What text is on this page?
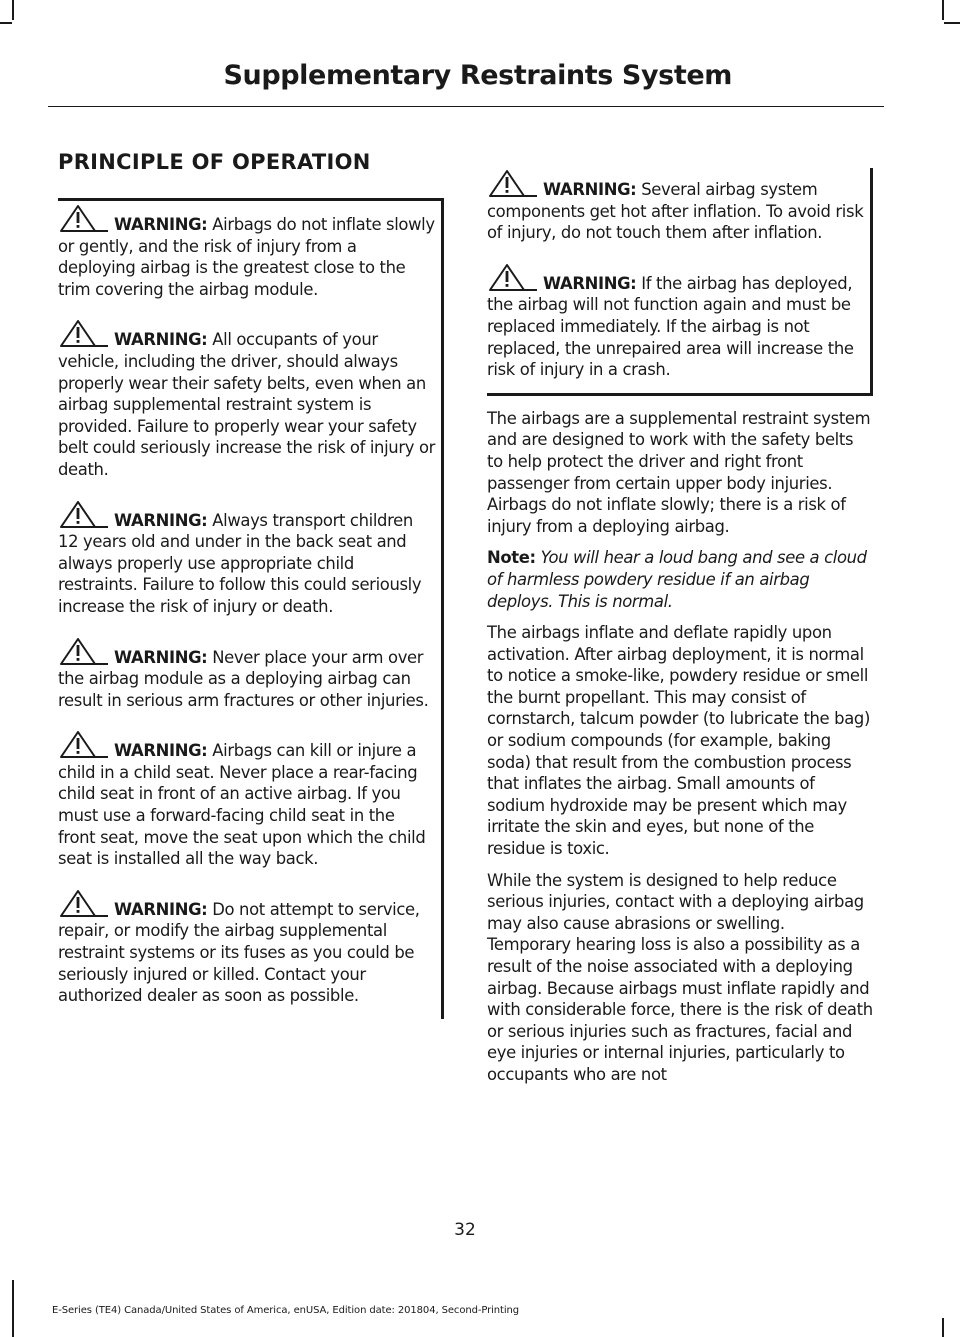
Supplementary Restraints System
PRINCIPLE OF OPERATION

WARNING: Airbags do not inflate slowly or gently, and the risk of injury from a deploying airbag is the greatest close to the trim covering the airbag module.

WARNING: All occupants of your vehicle, including the driver, should always properly wear their safety belts, even when an airbag supplemental restraint system is provided. Failure to properly wear your safety belt could seriously increase the risk of injury or death.

WARNING: Always transport children 12 years old and under in the back seat and always properly use appropriate child restraints. Failure to follow this could seriously increase the risk of injury or death.

WARNING: Never place your arm over the airbag module as a deploying airbag can result in serious arm fractures or other injuries.

WARNING: Airbags can kill or injure a child in a child seat. Never place a rear-facing child seat in front of an active airbag. If you must use a forward-facing child seat in the front seat, move the seat upon which the child seat is installed all the way back.

WARNING: Do not attempt to service, repair, or modify the airbag supplemental restraint systems or its fuses as you could be seriously injured or killed. Contact your authorized dealer as soon as possible.

WARNING: Several airbag system components get hot after inflation. To avoid risk of injury, do not touch them after inflation.

WARNING: If the airbag has deployed, the airbag will not function again and must be replaced immediately. If the airbag is not replaced, the unrepaired area will increase the risk of injury in a crash.

The airbags are a supplemental restraint system and are designed to work with the safety belts to help protect the driver and right front passenger from certain upper body injuries. Airbags do not inflate slowly; there is a risk of injury from a deploying airbag.

Note: You will hear a loud bang and see a cloud of harmless powdery residue if an airbag deploys. This is normal.

The airbags inflate and deflate rapidly upon activation. After airbag deployment, it is normal to notice a smoke-like, powdery residue or smell the burnt propellant. This may consist of cornstarch, talcum powder (to lubricate the bag) or sodium compounds (for example, baking soda) that result from the combustion process that inflates the airbag. Small amounts of sodium hydroxide may be present which may irritate the skin and eyes, but none of the residue is toxic.

While the system is designed to help reduce serious injuries, contact with a deploying airbag may also cause abrasions or swelling. Temporary hearing loss is also a possibility as a result of the noise associated with a deploying airbag. Because airbags must inflate rapidly and with considerable force, there is the risk of death or serious injuries such as fractures, facial and eye injuries or internal injuries, particularly to occupants who are not

32
E-Series (TE4) Canada/United States of America, enUSA, Edition date: 201804, Second-Printing
